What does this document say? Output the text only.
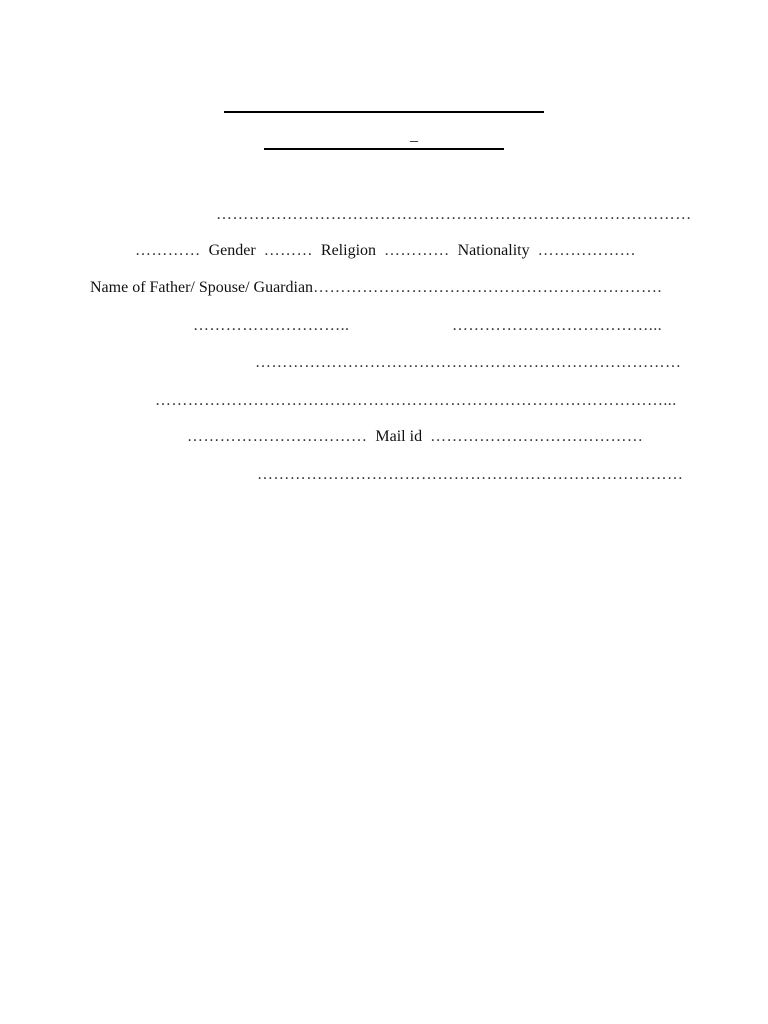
_
……………………………………………………………………………
………… Gender ……… Religion ………… Nationality ………………
Name of Father/ Spouse/ Guardian……………………………………………………….
………………………..	………………………………...
……………………………………………………………………
…………………………………………………………………………………...
…………………………… Mail id …………………………………
……………………………………………………………………
